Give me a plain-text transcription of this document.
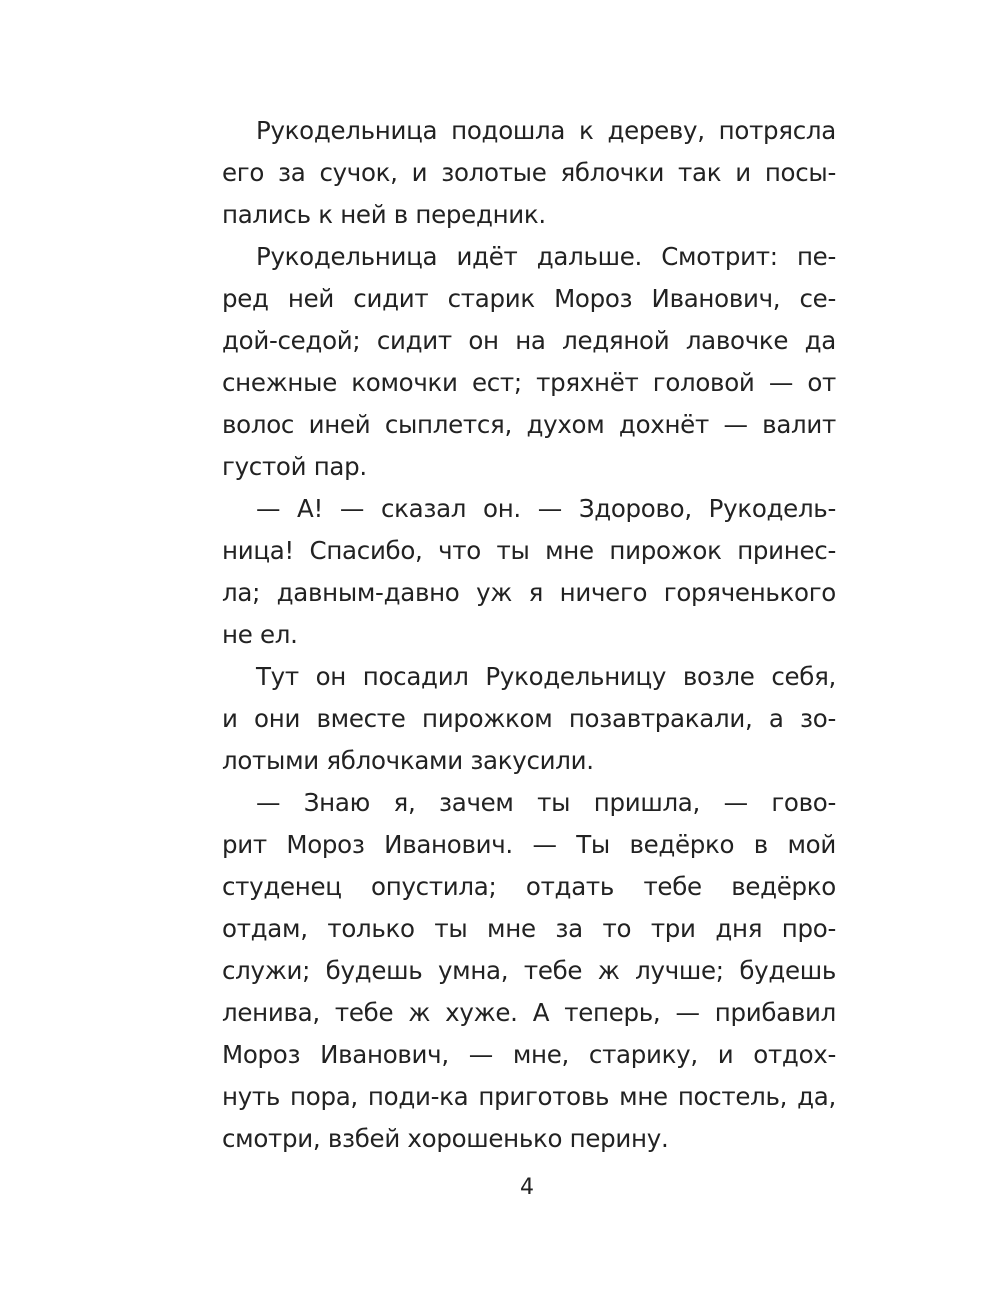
Рукодельница подошла к дереву, потрясла
его за сучок, и золотые яблочки так и посы-
пались к ней в передник.
Рукодельница идёт дальше. Смотрит: пе-
ред ней сидит старик Мороз Иванович, се-
дой-седой; сидит он на ледяной лавочке да
снежные комочки ест; тряхнёт головой — от
волос иней сыплется, духом дохнёт — валит
густой пар.
— А! — сказал он. — Здорово, Рукодель-
ница! Спасибо, что ты мне пирожок принес-
ла; давным-давно уж я ничего горяченького
не ел.
Тут он посадил Рукодельницу возле себя,
и они вместе пирожком позавтракали, а зо-
лотыми яблочками закусили.
— Знаю я, зачем ты пришла, — гово-
рит Мороз Иванович. — Ты ведёрко в мой
студенец опустила; отдать тебе ведёрко
отдам, только ты мне за то три дня про-
служи; будешь умна, тебе ж лучше; будешь
ленива, тебе ж хуже. А теперь, — прибавил
Мороз Иванович, — мне, старику, и отдох-
нуть пора, поди-ка приготовь мне постель, да,
смотри, взбей хорошенько перину.
4
